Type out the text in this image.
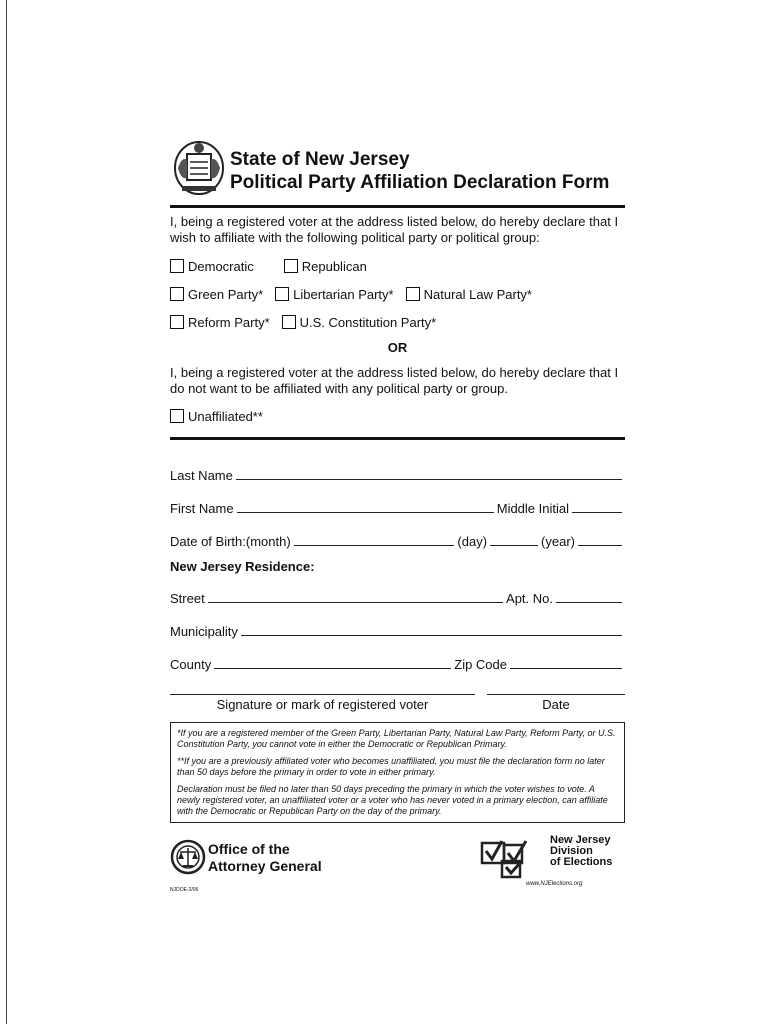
State of New Jersey
Political Party Affiliation Declaration Form

I, being a registered voter at the address listed below, do hereby declare that I wish to affiliate with the following political party or political group:

Democratic	Republican
Green Party* Libertarian Party* Natural Law Party*
Reform Party* U.S. Constitution Party*
OR

I, being a registered voter at the address listed below, do hereby declare that I do not want to be affiliated with any political party or group.

Unaffiliated**
Last Name
First Name	Middle Initial
Date of Birth:(month)	(day)	(year)
New Jersey Residence:
Street	Apt. No.
Municipality
County	Zip Code
Signature or mark of registered voter	Date

*If you are a registered member of the Green Party, Libertarian Party, Natural Law Party, Reform Party, or U.S. Constitution Party, you cannot vote in either the Democratic or Republican Primary.

**If you are a previously affiliated voter who becomes unaffiliated, you must file the declaration form no later than 50 days before the primary in order to vote in either primary.

Declaration must be filed no later than 50 days preceding the primary in which the voter wishes to vote. A newly registered voter, an unaffiliated voter or a voter who has never voted in a primary election, can affiliate with the Democratic or Republican Party on the day of the primary.

Office of the
Attorney General
NJDOE-2/06
New Jersey
Division
of Elections
www.NJElections.org
